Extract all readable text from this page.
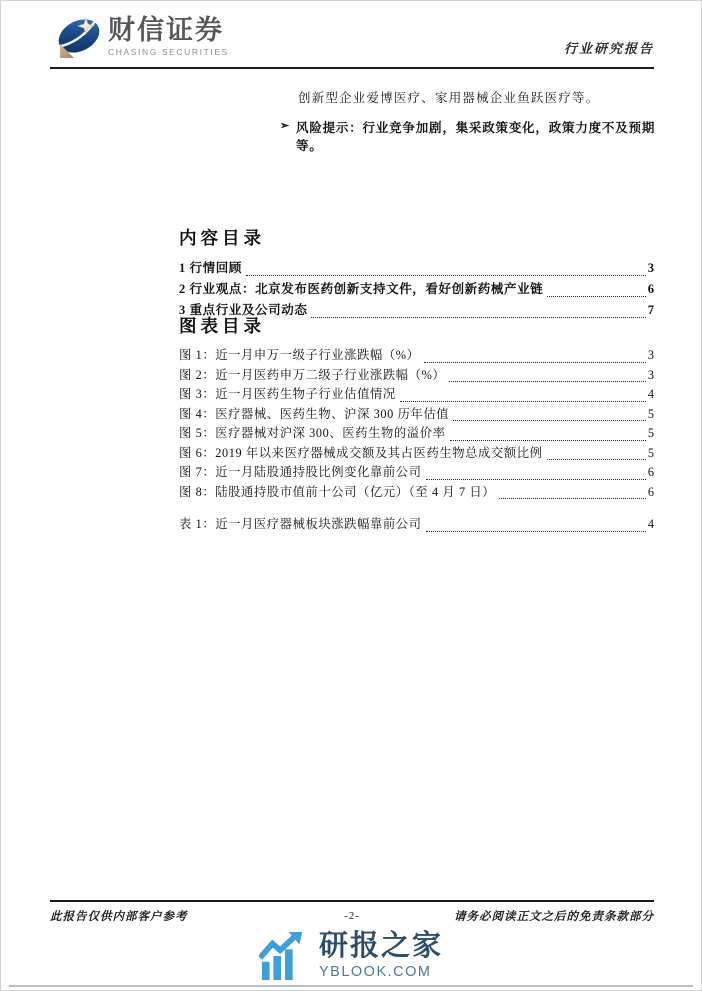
财信证券
CHASING SECURITIES	行业研究报告
创新型企业爱博医疗、家用器械企业鱼跃医疗等。
➢ 风险提示：行业竞争加剧，集采政策变化，政策力度不及预期等。
内容目录
1 行情回顾	3
2 行业观点：北京发布医药创新支持文件，看好创新药械产业链	6
3 重点行业及公司动态	7
图表目录
图 1：近一月申万一级子行业涨跌幅（%）	3
图 2：近一月医药申万二级子行业涨跌幅（%）	3
图 3：近一月医药生物子行业估值情况	4
图 4：医疗器械、医药生物、沪深 300 历年估值	5
图 5：医疗器械对沪深 300、医药生物的溢价率	5
图 6：2019 年以来医疗器械成交额及其占医药生物总成交额比例	5
图 7：近一月陆股通持股比例变化靠前公司	6
图 8：陆股通持股市值前十公司（亿元）（至 4 月 7 日）	6
表 1：近一月医疗器械板块涨跌幅靠前公司	4
此报告仅供内部客户参考	-2-	请务必阅读正文之后的免责条款部分
研报之家
YBLOOK.COM
